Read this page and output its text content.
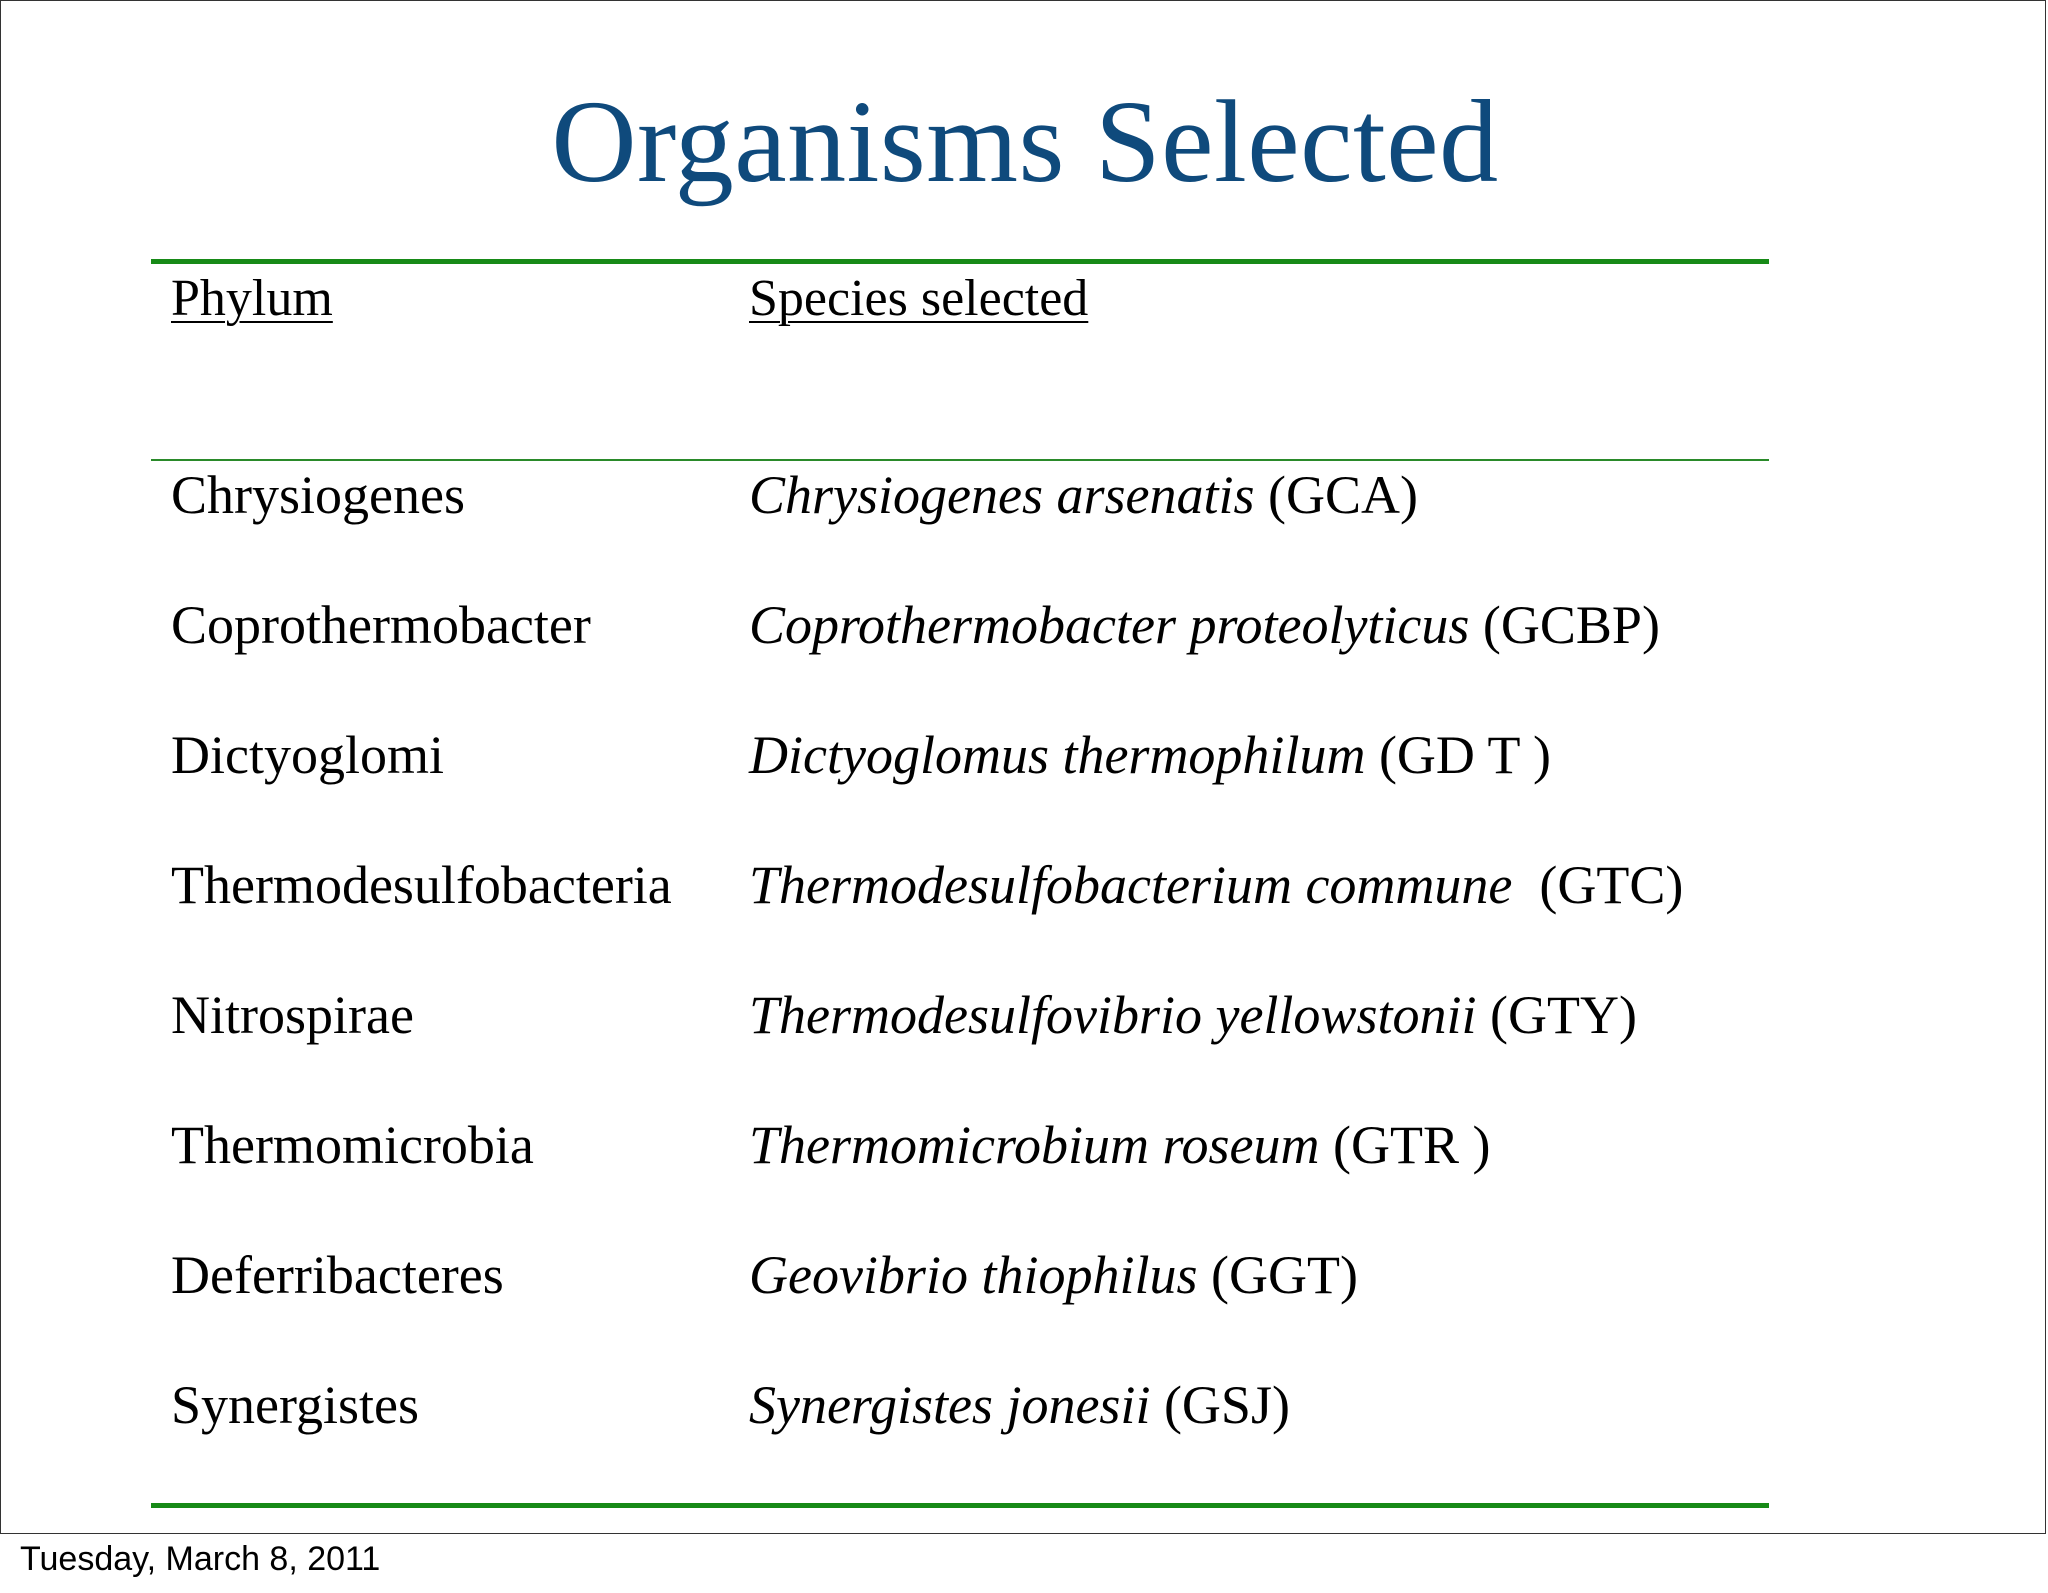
Organisms Selected
Phylum	Species selected
Chrysiogenes	Chrysiogenes arsenatis (GCA)
Coprothermobacter	Coprothermobacter proteolyticus (GCBP)
Dictyoglomi	Dictyoglomus thermophilum (GD T )
Thermodesulfobacteria Thermodesulfobacterium commune (GTC)
Nitrospirae	Thermodesulfovibrio yellowstonii (GTY)
Thermomicrobia	Thermomicrobium roseum (GTR )
Deferribacteres	Geovibrio thiophilus (GGT)
Synergistes	Synergistes jonesii (GSJ)
Tuesday, March 8, 2011
